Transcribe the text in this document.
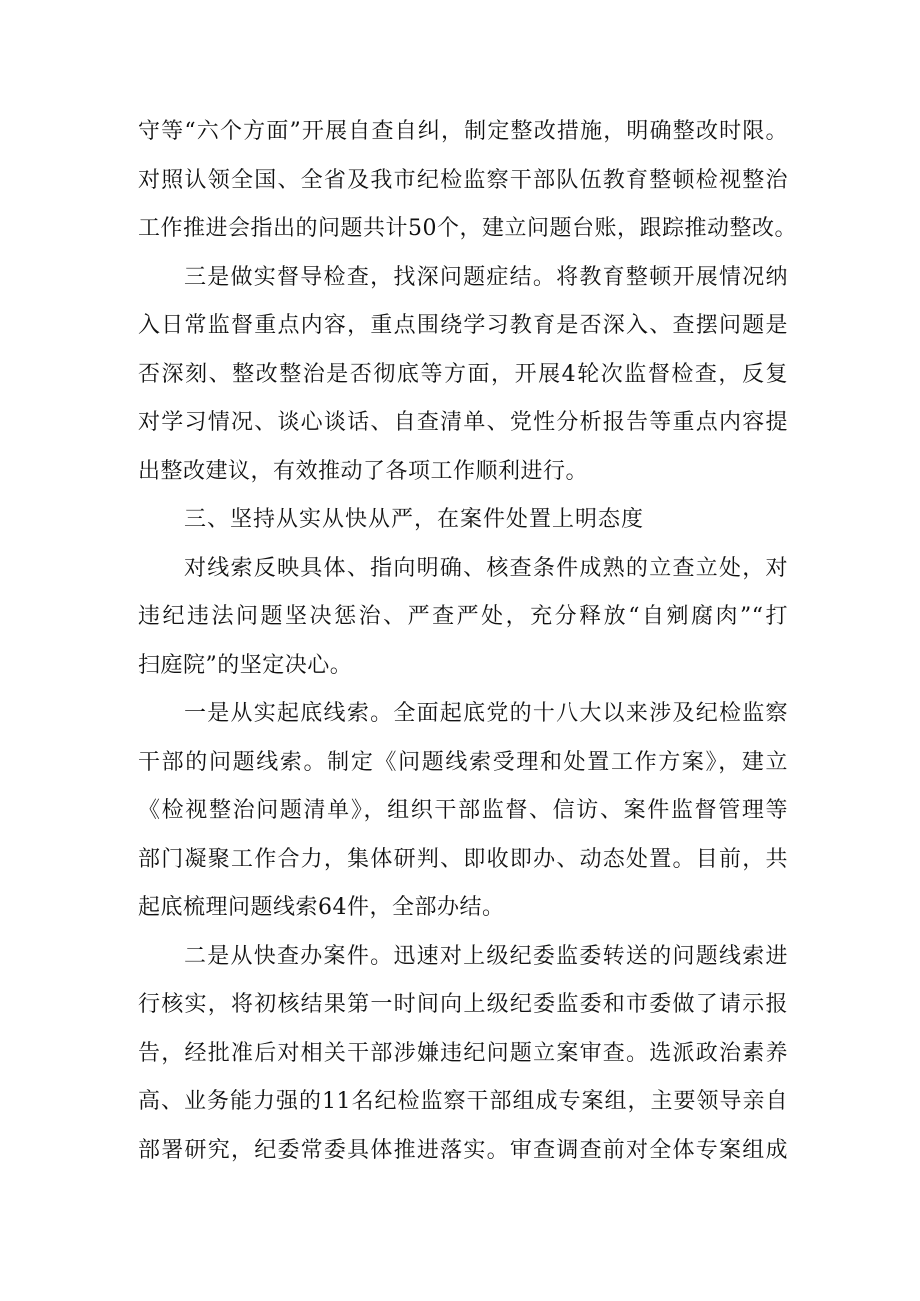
守等“六个方面”开展自查自纠，制定整改措施，明确整改时限。
对照认领全国、全省及我市纪检监察干部队伍教育整顿检视整治
工作推进会指出的问题共计50个，建立问题台账，跟踪推动整改。
三是做实督导检查，找深问题症结。将教育整顿开展情况纳
入日常监督重点内容，重点围绕学习教育是否深入、查摆问题是
否深刻、整改整治是否彻底等方面，开展4轮次监督检查，反复
对学习情况、谈心谈话、自查清单、党性分析报告等重点内容提
出整改建议，有效推动了各项工作顺利进行。
三、坚持从实从快从严，在案件处置上明态度
对线索反映具体、指向明确、核查条件成熟的立查立处，对
违纪违法问题坚决惩治、严查严处，充分释放“自剜腐肉”“打
扫庭院”的坚定决心。
一是从实起底线索。全面起底党的十八大以来涉及纪检监察
干部的问题线索。制定《问题线索受理和处置工作方案》，建立
《检视整治问题清单》，组织干部监督、信访、案件监督管理等
部门凝聚工作合力，集体研判、即收即办、动态处置。目前，共
起底梳理问题线索64件，全部办结。
二是从快查办案件。迅速对上级纪委监委转送的问题线索进
行核实，将初核结果第一时间向上级纪委监委和市委做了请示报
告，经批准后对相关干部涉嫌违纪问题立案审查。选派政治素养
高、业务能力强的11名纪检监察干部组成专案组，主要领导亲自
部署研究，纪委常委具体推进落实。审查调查前对全体专案组成
